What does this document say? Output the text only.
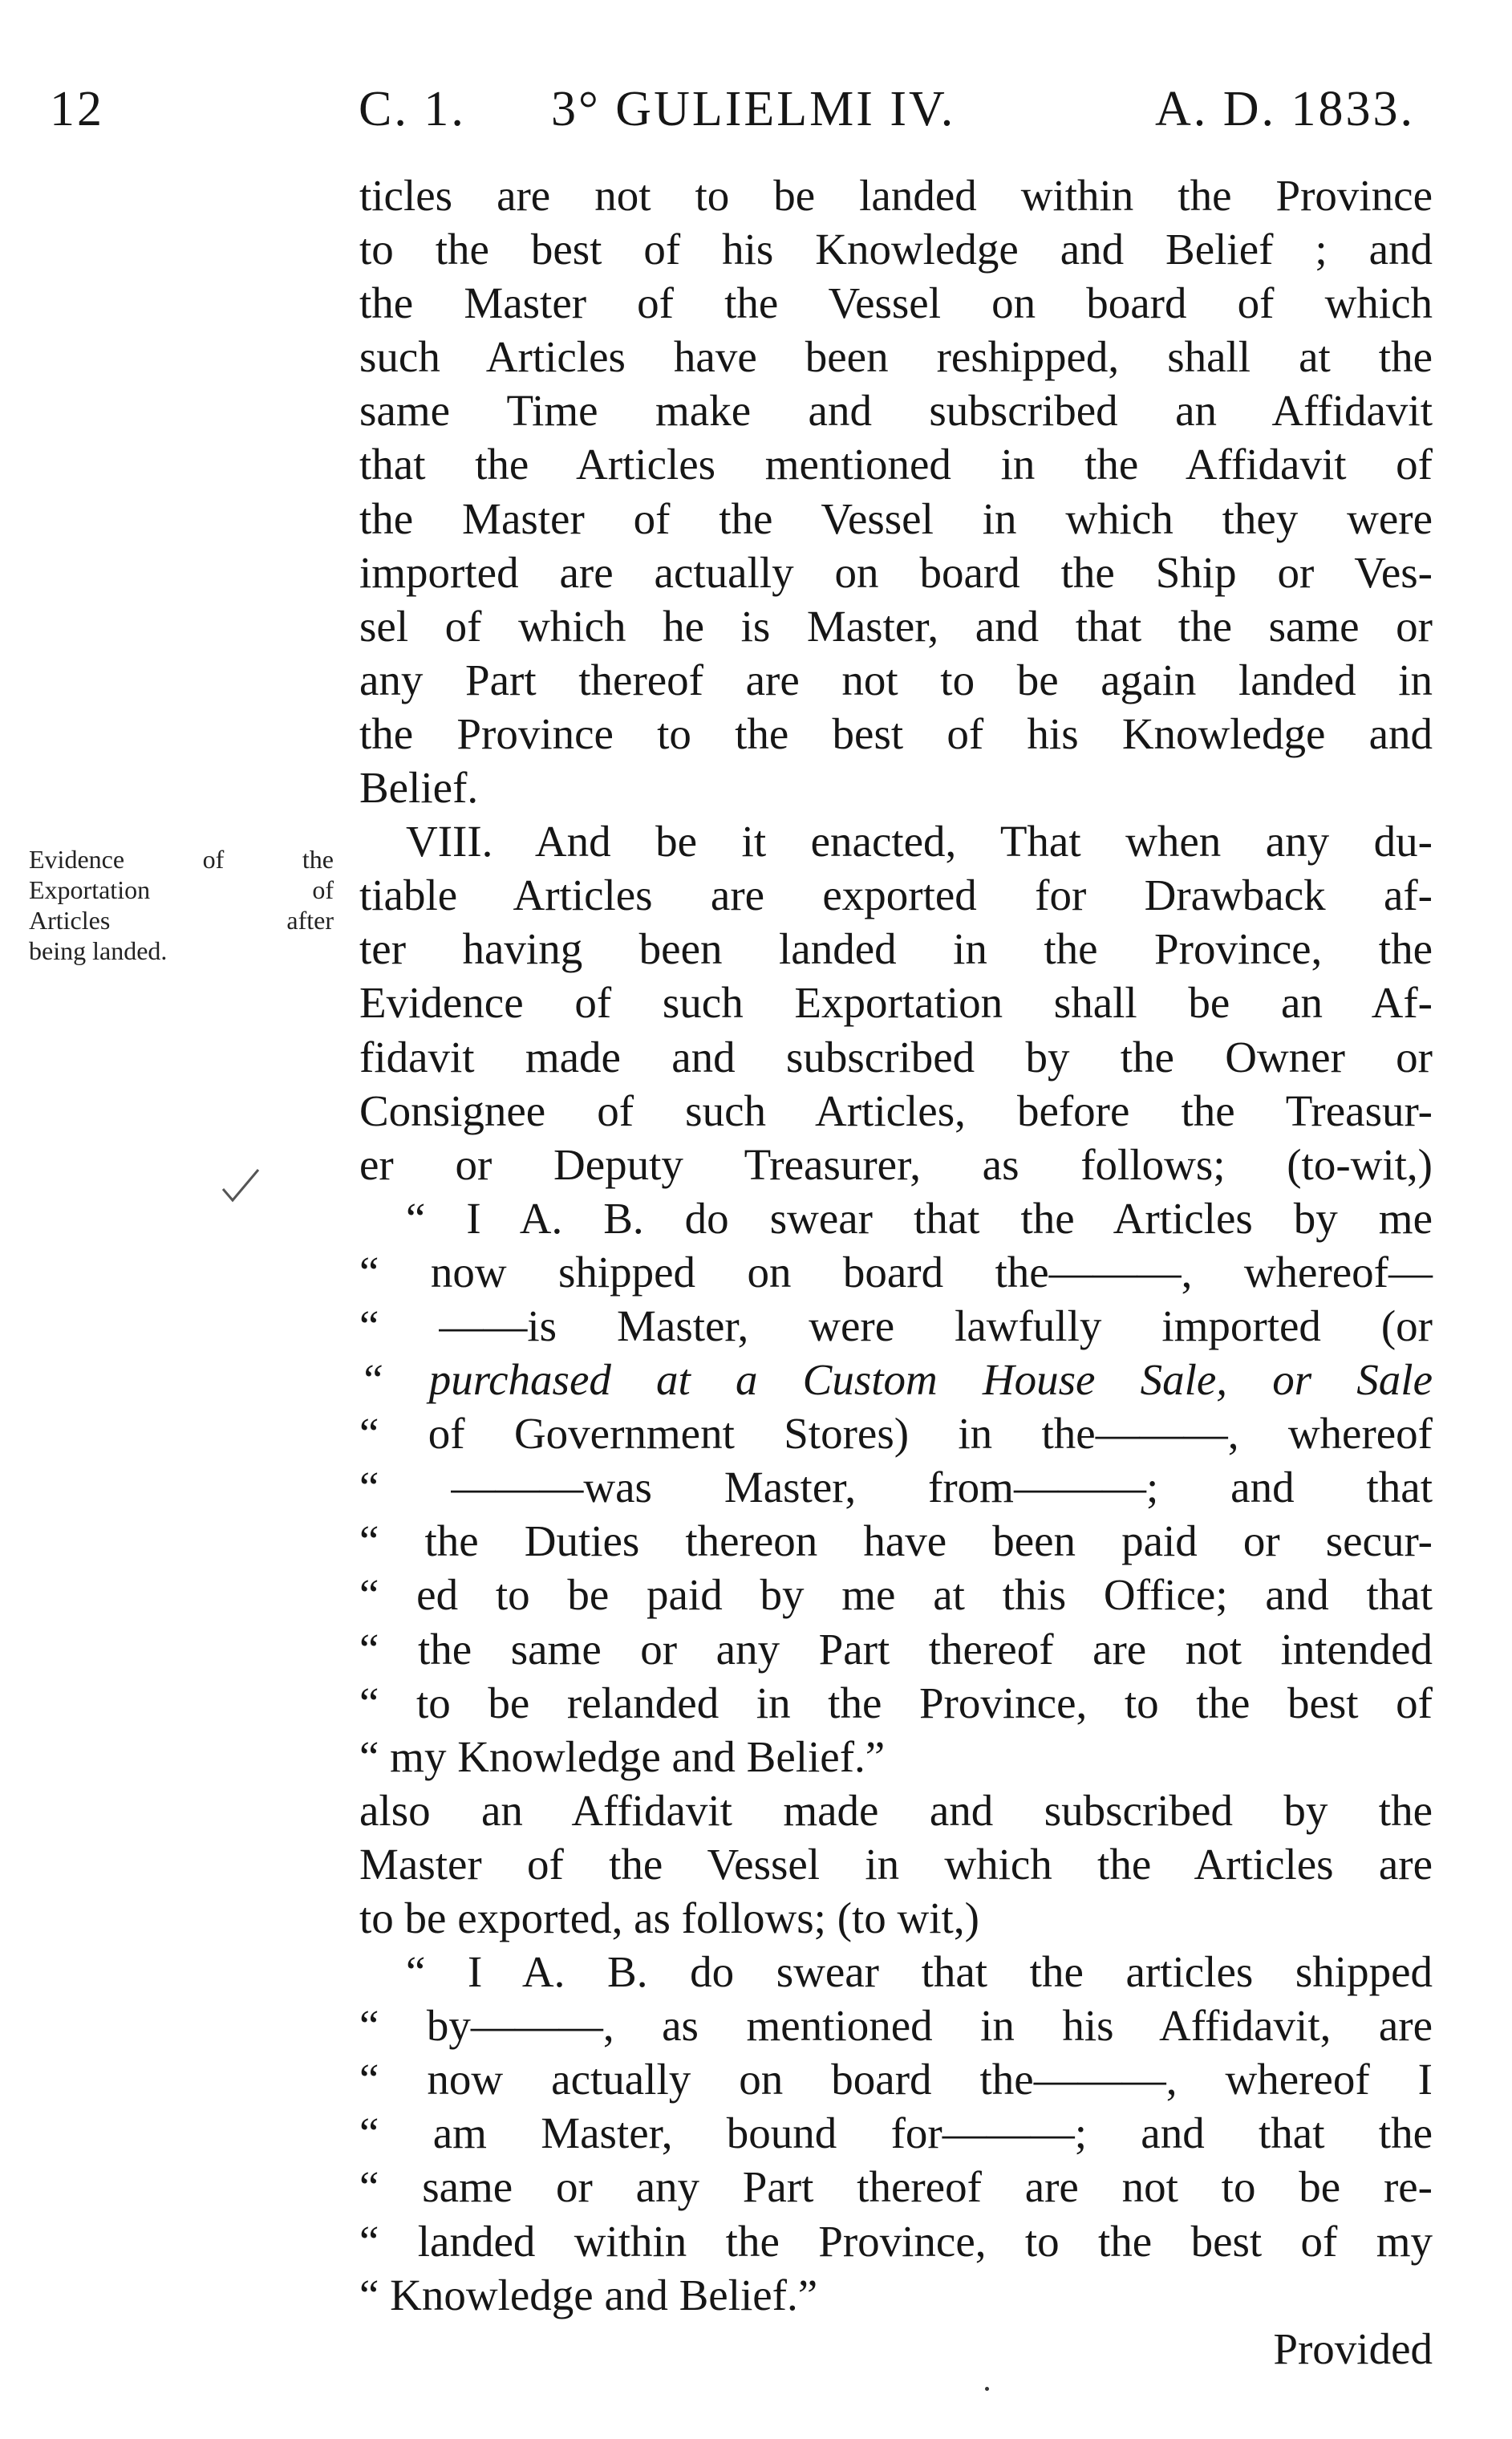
12	C. 1. 3° GULIELMI IV.	A. D. 1833.
Evidence of the
Exportation of
Articles after
being landed.
ticles are not to be landed within the Province
to the best of his Knowledge and Belief ; and
the Master of the Vessel on board of which
such Articles have been reshipped, shall at the
same Time make and subscribed an Affidavit
that the Articles mentioned in the Affidavit of
the Master of the Vessel in which they were
imported are actually on board the Ship or Ves-
sel of which he is Master, and that the same or
any Part thereof are not to be again landed in
the Province to the best of his Knowledge and
Belief.
VIII. And be it enacted, That when any du-
tiable Articles are exported for Drawback af-
ter having been landed in the Province, the
Evidence of such Exportation shall be an Af-
fidavit made and subscribed by the Owner or
Consignee of such Articles, before the Treasur-
er or Deputy Treasurer, as follows; (to-wit,)
“ I A. B. do swear that the Articles by me
“ now shipped on board the———, whereof—
“ ——is Master, were lawfully imported (or
“ purchased at a Custom House Sale, or Sale
“ of Government Stores) in the———, whereof
“ ———was Master, from———; and that
“ the Duties thereon have been paid or secur-
“ ed to be paid by me at this Office; and that
“ the same or any Part thereof are not intended
“ to be relanded in the Province, to the best of
“ my Knowledge and Belief.”
also an Affidavit made and subscribed by the
Master of the Vessel in which the Articles are
to be exported, as follows; (to wit,)
“ I A. B. do swear that the articles shipped
“ by———, as mentioned in his Affidavit, are
“ now actually on board the———, whereof I
“ am Master, bound for———; and that the
“ same or any Part thereof are not to be re-
“ landed within the Province, to the best of my
“ Knowledge and Belief.”
Provided
